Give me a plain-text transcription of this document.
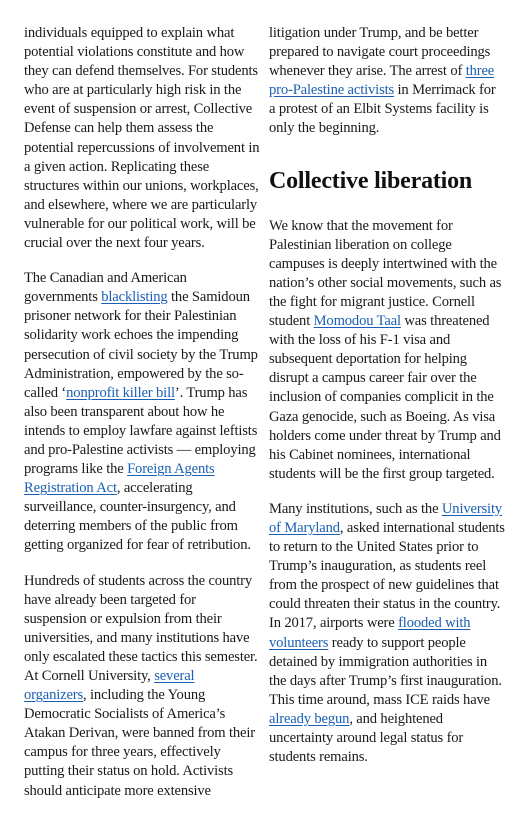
individuals equipped to explain what potential violations constitute and how they can defend themselves. For students who are at particularly high risk in the event of suspension or arrest, Collective Defense can help them assess the potential repercussions of involvement in a given action. Replicating these structures within our unions, workplaces, and elsewhere, where we are particularly vulnerable for our political work, will be crucial over the next four years.

The Canadian and American governments blacklisting the Samidoun prisoner network for their Palestinian solidarity work echoes the impending persecution of civil society by the Trump Administration, empowered by the so-called ‘nonprofit killer bill’. Trump has also been transparent about how he intends to employ lawfare against leftists and pro-Palestine activists — employing programs like the Foreign Agents Registration Act, accelerating surveillance, counter-insurgency, and deterring members of the public from getting organized for fear of retribution.

Hundreds of students across the country have already been targeted for suspension or expulsion from their universities, and many institutions have only escalated these tactics this semester. At Cornell University, several organizers, including the Young Democratic Socialists of America’s Atakan Derivan, were banned from their campus for three years, effectively putting their status on hold. Activists should anticipate more extensive

litigation under Trump, and be better prepared to navigate court proceedings whenever they arise. The arrest of three pro-Palestine activists in Merrimack for a protest of an Elbit Systems facility is only the beginning.

Collective liberation

We know that the movement for Palestinian liberation on college campuses is deeply intertwined with the nation’s other social movements, such as the fight for migrant justice. Cornell student Momodou Taal was threatened with the loss of his F-1 visa and subsequent deportation for helping disrupt a campus career fair over the inclusion of companies complicit in the Gaza genocide, such as Boeing. As visa holders come under threat by Trump and his Cabinet nominees, international students will be the first group targeted.

Many institutions, such as the University of Maryland, asked international students to return to the United States prior to Trump’s inauguration, as students reel from the prospect of new guidelines that could threaten their status in the country. In 2017, airports were flooded with volunteers ready to support people detained by immigration authorities in the days after Trump’s first inauguration. This time around, mass ICE raids have already begun, and heightened uncertainty around legal status for students remains.
